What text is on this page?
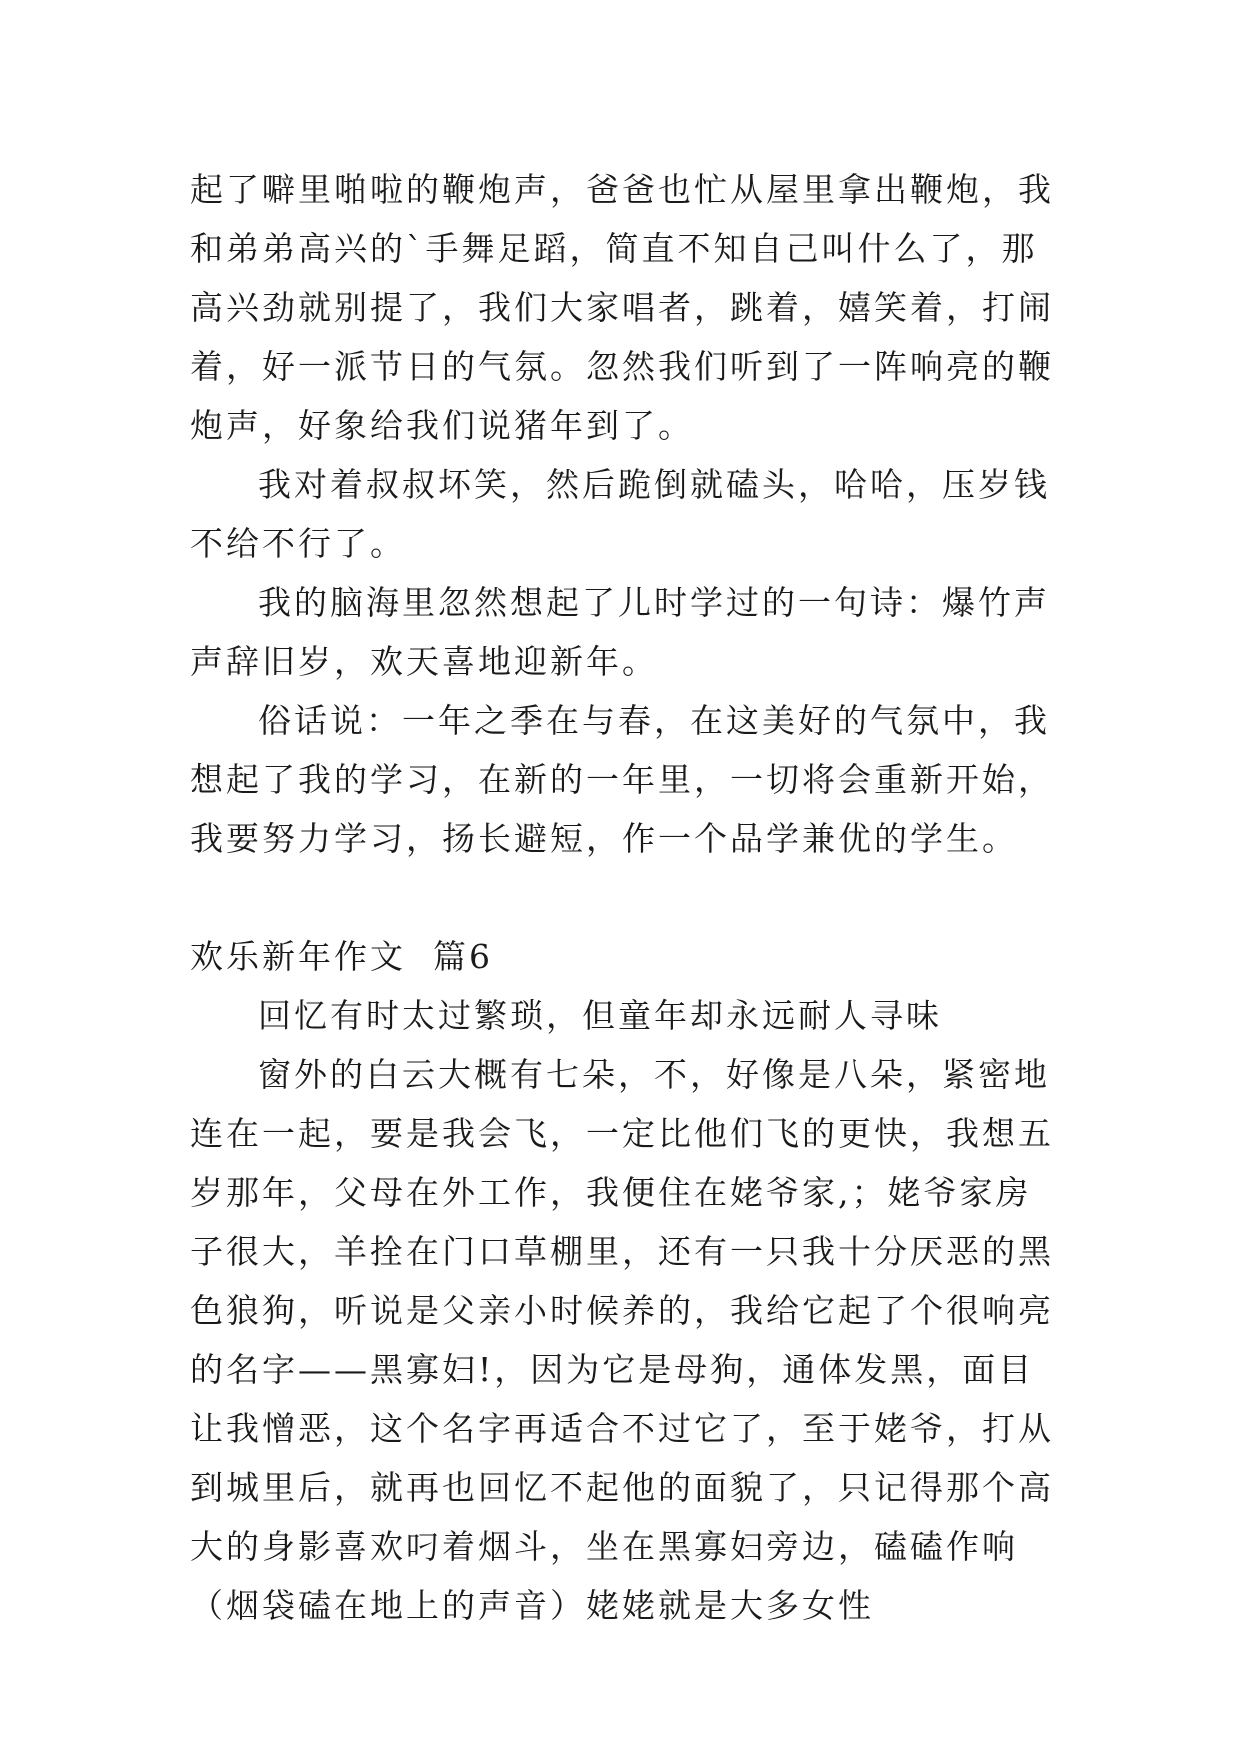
起了噼里啪啦的鞭炮声，爸爸也忙从屋里拿出鞭炮，我和弟弟高兴的`手舞足蹈，简直不知自己叫什么了，那高兴劲就别提了，我们大家唱者，跳着，嬉笑着，打闹着，好一派节日的气氛。忽然我们听到了一阵响亮的鞭炮声，好象给我们说猪年到了。

我对着叔叔坏笑，然后跪倒就磕头，哈哈，压岁钱不给不行了。

我的脑海里忽然想起了儿时学过的一句诗：爆竹声声辞旧岁，欢天喜地迎新年。

俗话说：一年之季在与春，在这美好的气氛中，我想起了我的学习，在新的一年里，一切将会重新开始，我要努力学习，扬长避短，作一个品学兼优的学生。

欢乐新年作文  篇6

回忆有时太过繁琐，但童年却永远耐人寻味

窗外的白云大概有七朵，不，好像是八朵，紧密地连在一起，要是我会飞，一定比他们飞的更快，我想五岁那年，父母在外工作，我便住在姥爷家,；姥爷家房子很大，羊拴在门口草棚里，还有一只我十分厌恶的黑色狼狗，听说是父亲小时候养的，我给它起了个很响亮的名字——黑寡妇!，因为它是母狗，通体发黑，面目让我憎恶，这个名字再适合不过它了，至于姥爷，打从到城里后，就再也回忆不起他的面貌了，只记得那个高大的身影喜欢叼着烟斗，坐在黑寡妇旁边，磕磕作响（烟袋磕在地上的声音）姥姥就是大多女性
